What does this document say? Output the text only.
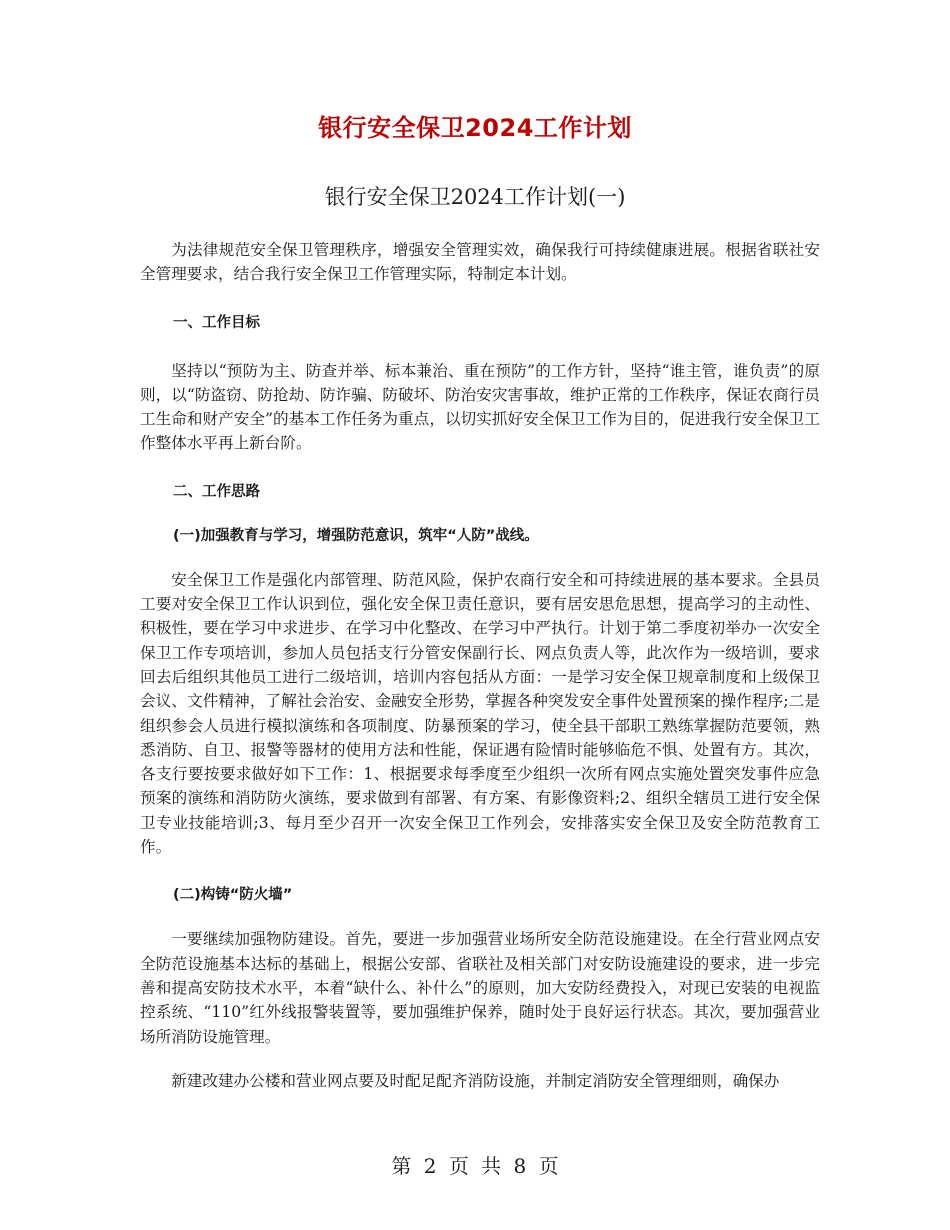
银行安全保卫2024工作计划
银行安全保卫2024工作计划(一)

为法律规范安全保卫管理秩序，增强安全管理实效，确保我行可持续健康进展。根据省联社安全管理要求，结合我行安全保卫工作管理实际，特制定本计划。

一、工作目标

坚持以“预防为主、防查并举、标本兼治、重在预防”的工作方针，坚持“谁主管，谁负责”的原则，以“防盗窃、防抢劫、防诈骗、防破坏、防治安灾害事故，维护正常的工作秩序，保证农商行员工生命和财产安全”的基本工作任务为重点，以切实抓好安全保卫工作为目的，促进我行安全保卫工作整体水平再上新台阶。

二、工作思路

(一)加强教育与学习，增强防范意识，筑牢“人防”战线。

安全保卫工作是强化内部管理、防范风险，保护农商行安全和可持续进展的基本要求。全县员工要对安全保卫工作认识到位，强化安全保卫责任意识，要有居安思危思想，提高学习的主动性、积极性，要在学习中求进步、在学习中化整改、在学习中严执行。计划于第二季度初举办一次安全保卫工作专项培训，参加人员包括支行分管安保副行长、网点负责人等，此次作为一级培训，要求回去后组织其他员工进行二级培训，培训内容包括从方面：一是学习安全保卫规章制度和上级保卫会议、文件精神，了解社会治安、金融安全形势，掌握各种突发安全事件处置预案的操作程序;二是组织参会人员进行模拟演练和各项制度、防暴预案的学习，使全县干部职工熟练掌握防范要领，熟悉消防、自卫、报警等器材的使用方法和性能，保证遇有险情时能够临危不惧、处置有方。其次，各支行要按要求做好如下工作：1、根据要求每季度至少组织一次所有网点实施处置突发事件应急预案的演练和消防防火演练，要求做到有部署、有方案、有影像资料;2、组织全辖员工进行安全保卫专业技能培训;3、每月至少召开一次安全保卫工作列会，安排落实安全保卫及安全防范教育工作。

(二)构铸“防火墙”

一要继续加强物防建设。首先，要进一步加强营业场所安全防范设施建设。在全行营业网点安全防范设施基本达标的基础上，根据公安部、省联社及相关部门对安防设施建设的要求，进一步完善和提高安防技术水平，本着“缺什么、补什么”的原则，加大安防经费投入，对现已安装的电视监控系统、“110”红外线报警装置等，要加强维护保养，随时处于良好运行状态。其次，要加强营业场所消防设施管理。

新建改建办公楼和营业网点要及时配足配齐消防设施，并制定消防安全管理细则，确保办

第 2 页 共 8 页
